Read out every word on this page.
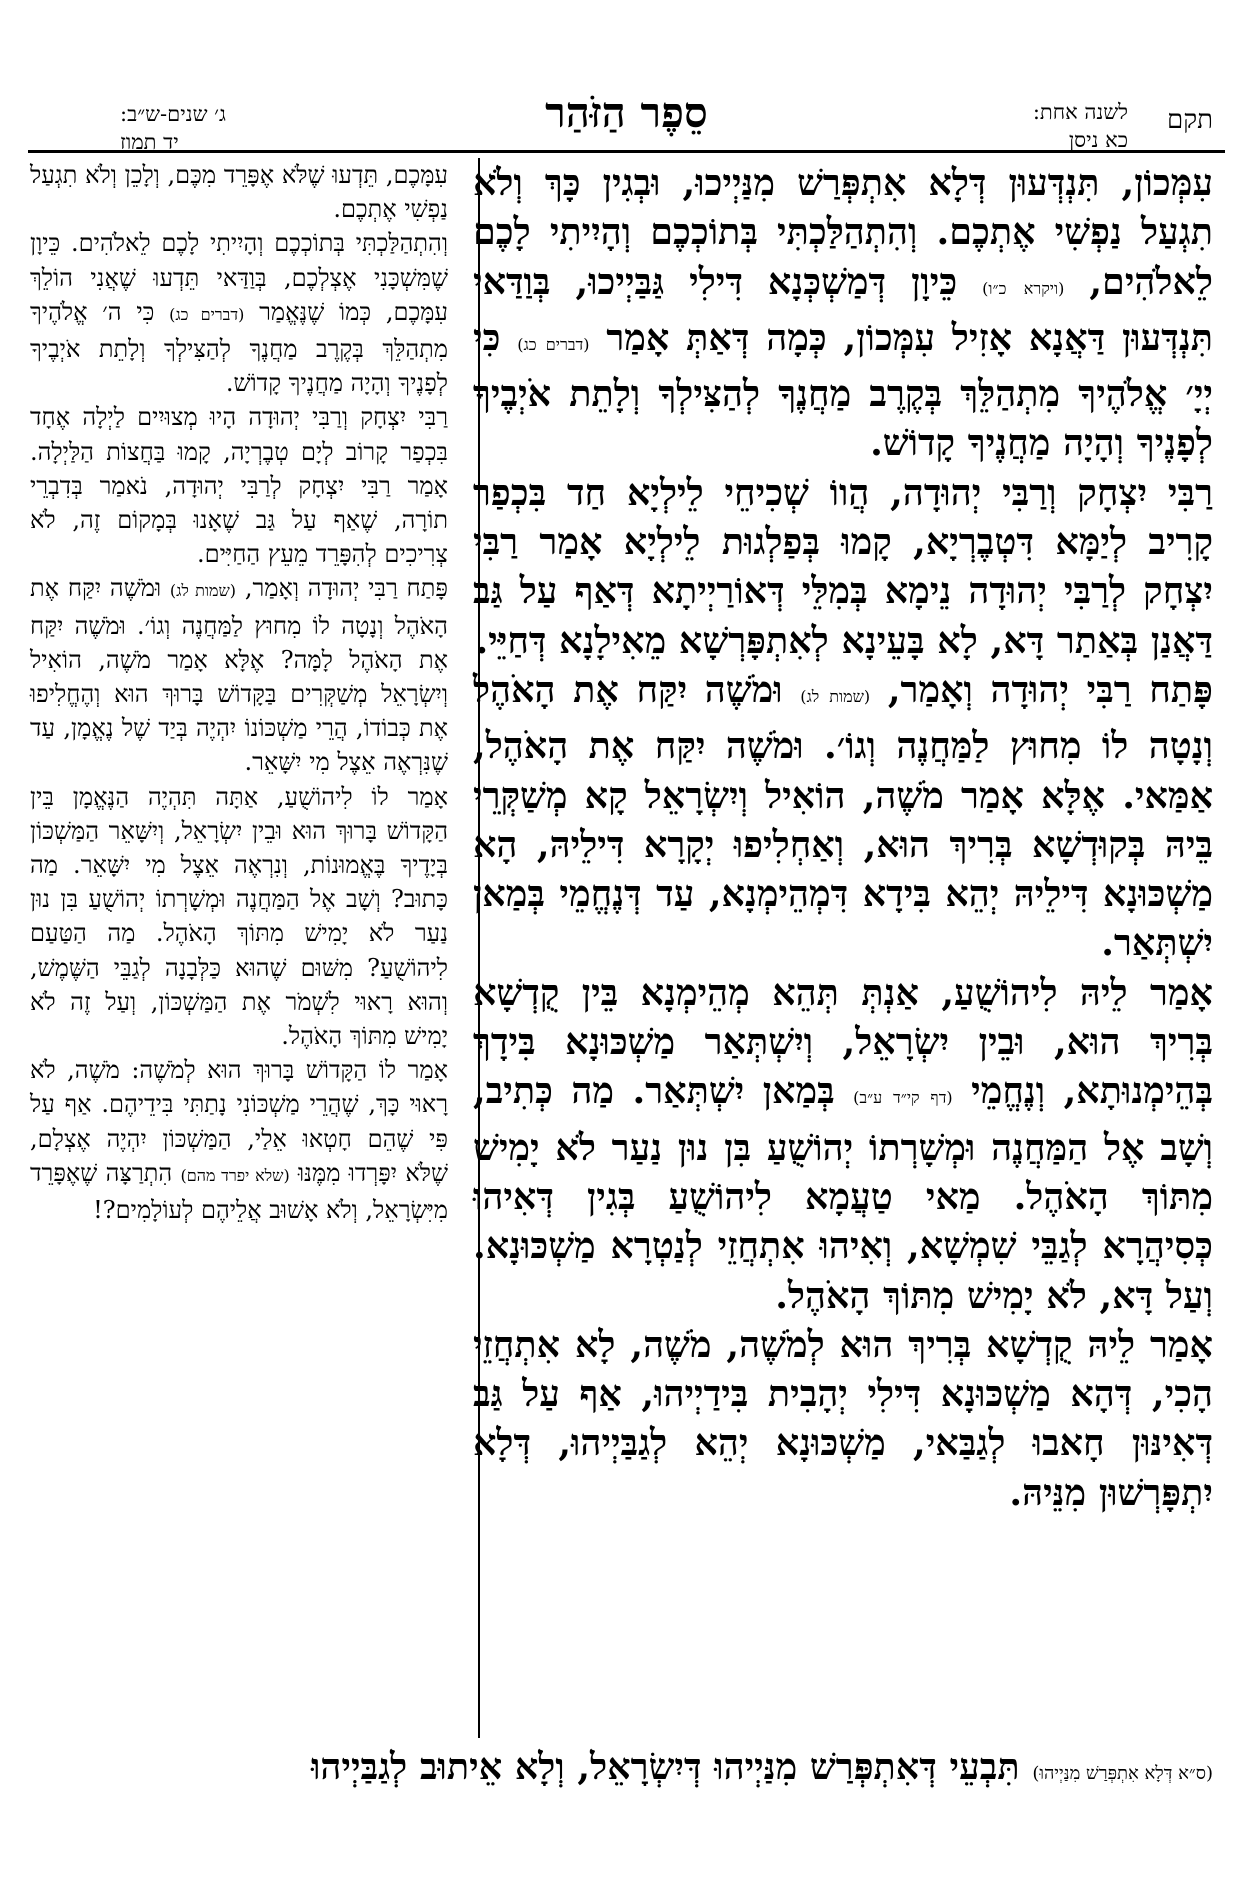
תקם
לשנה אחת:
כא ניסן
סֵפֶר הַזֹּהַר
ג׳ שנים-ש״ב:
יד תמוז

עִמְּכוֹן, תִּנְדְּעוּן דְּלָא אִתְפְּרַשׁ מִנַּיְיכוּ, וּבְגִין כָּךְ וְלֹא תִגְעַל נַפְשִׁי אֶתְכֶם. וְהִתְהַלַּכְתִּי בְּתוֹכְכֶם וְהָיִיתִי לָכֶם לֵאלֹהִים, (ויקרא כ״ו) כֵּיוָן דְּמַשְׁכְּנָא דִּילִי גַּבַּיְיכוּ, בְּוַדַּאי תִּנְדְּעוּן דַּאֲנָא אָזִיל עִמְּכוֹן, כְּמָה דְּאַתְּ אָמַר (דברים כג) כִּי יְיָ׳ אֱלֹהֶיךָ מִתְהַלֵּךְ בְּקֶרֶב מַחֲנֶךָ לְהַצִּילְךָ וְלָתֵת אֹיְבֶיךָ לְפָנֶיךָ וְהָיָה מַחֲנֶיךָ קָדוֹשׁ.

רַבִּי יִצְחָק וְרַבִּי יְהוּדָה, הֲווֹ שְׁכִיחֵי לֵילְיָא חַד בִּכְפַר קָרִיב לְיַמָּא דִּטְבֶרְיָא, קָמוּ בְּפַלְגוּת לֵילְיָא אָמַר רַבִּי יִצְחָק לְרַבִּי יְהוּדָה נֵימָא בְּמִלֵּי דְּאוֹרַיְיתָא דְּאַף עַל גַּב דַּאֲנַן בְּאַתַר דָּא, לָא בָּעֵינָא לְאִתְפָּרְשָׁא מֵאִילָנָא דְּחַיֵּי.

פָּתַח רַבִּי יְהוּדָה וְאָמַר, (שמות לג) וּמֹשֶׁה יִקַּח אֶת הָאֹהֶל וְנָטָה לוֹ מִחוּץ לַמַּחֲנֶה וְגוֹ׳. וּמֹשֶׁה יִקַּח אֶת הָאֹהֶל, אַמַּאי. אֶלָּא אָמַר מֹשֶׁה, הוֹאִיל וְיִשְׂרָאֵל קָא מְשַׁקְּרֵי בֵּיהּ בְּקוּדְשָׁא בְּרִיךְ הוּא, וְאַחְלִיפוּ יְקָרָא דִּילֵיהּ, הָא מַשְׁכּוּנָא דִּילֵיהּ יְהֵא בִּידָא דִּמְהֵימְנָא, עַד דְּנֶחֱמֵי בְּמַאן יִשְׁתְּאַר.

אָמַר לֵיהּ לִיהוֹשֻׁעַ, אַנְתְּ תְּהֵא מְהֵימְנָא בֵּין קֻדְשָׁא בְּרִיךְ הוּא, וּבֵין יִשְׂרָאֵל, וְיִשְׁתְּאַר מַשְׁכּוּנָא בִּידָךְ בְּהֵימְנוּתָא, וְנֶחֱמֵי (דף קי״ד ע״ב) בְּמַאן יִשְׁתְּאַר. מַה כְּתִיב, וְשָׁב אֶל הַמַּחֲנֶה וּמְשָׁרְתוֹ יְהוֹשֻׁעַ בִּן נוּן נַעַר לֹא יָמִישׁ מִתּוֹךְ הָאֹהֶל. מַאי טַעֲמָא לִיהוֹשֻׁעַ בְּגִין דְּאִיהוּ כְּסִיהֲרָא לְגַבֵּי שִׁמְשָׁא, וְאִיהוּ אִתְחֲזֵי לְנַטְרָא מַשְׁכּוּנָא. וְעַל דָּא, לֹא יָמִישׁ מִתּוֹךְ הָאֹהֶל.

אָמַר לֵיהּ קֻדְשָׁא בְּרִיךְ הוּא לְמֹשֶׁה, מֹשֶׁה, לָא אִתְחֲזֵי הָכִי, דְּהָא מַשְׁכּוּנָא דִּילִי יְהָבִית בִּידַיְיהוּ, אַף עַל גַּב דְּאִינּוּן חָאבוּ לְגַבַּאי, מַשְׁכּוּנָא יְהֵא לְגַבַּיְיהוּ, דְּלָא יִתְפָּרְשׁוּן מִנֵּיהּ.

עִמָּכֶם, תֵּדְעוּ שֶׁלֹּא אֶפָּרֵד מִכֶּם, וְלָכֵן וְלֹא תִגְעַל נַפְשִׁי אֶתְכֶם.

וְהִתְהַלַּכְתִּי בְּתוֹכְכֶם וְהָיִיתִי לָכֶם לֵאלֹהִים. כֵּיוָן שֶׁמִּשְׁכָּנִי אֶצְלְכֶם, בְּוַדַּאי תֵּדְעוּ שֶׁאֲנִי הוֹלֵךְ עִמָּכֶם, כְּמוֹ שֶׁנֶּאֱמַר (דברים כג) כִּי ה׳ אֱלֹהֶיךָ מִתְהַלֵּךְ בְּקֶרֶב מַחֲנֶךָ לְהַצִּילְךָ וְלָתֵת אֹיְבֶיךָ לְפָנֶיךָ וְהָיָה מַחֲנֶיךָ קָדוֹשׁ.

רַבִּי יִצְחָק וְרַבִּי יְהוּדָה הָיוּ מְצוּיִים לַיְלָה אֶחָד בִּכְפַר קָרוֹב לְיָם טְבֶרְיָה, קָמוּ בַּחֲצוֹת הַלַּיְלָה. אָמַר רַבִּי יִצְחָק לְרַבִּי יְהוּדָה, נֹאמַר בְּדִבְרֵי תוֹרָה, שֶׁאַף עַל גַּב שֶׁאָנוּ בְּמָקוֹם זֶה, לֹא צְרִיכִים לְהִפָּרֵד מֵעֵץ הַחַיִּים.

פָּתַח רַבִּי יְהוּדָה וְאָמַר, (שמות לג) וּמֹשֶׁה יִקַּח אֶת הָאֹהֶל וְנָטָה לוֹ מִחוּץ לַמַּחֲנֶה וְגוֹ׳. וּמֹשֶׁה יִקַּח אֶת הָאֹהֶל לָמָּה? אֶלָּא אָמַר מֹשֶׁה, הוֹאִיל וְיִשְׂרָאֵל מְשַׁקְּרִים בַּקָּדוֹשׁ בָּרוּךְ הוּא וְהֶחֱלִיפוּ אֶת כְּבוֹדוֹ, הֲרֵי מַשְׁכּוֹנוֹ יִהְיֶה בְּיַד שֶׁל נֶאֱמָן, עַד שֶׁנִּרְאֶה אֵצֶל מִי יִשָּׁאֵר.

אָמַר לוֹ לִיהוֹשֻׁעַ, אַתָּה תִּהְיֶה הַנֶּאֱמָן בֵּין הַקָּדוֹשׁ בָּרוּךְ הוּא וּבֵין יִשְׂרָאֵל, וְיִשָּׁאֵר הַמַּשְׁכּוֹן בְּיָדֶיךָ בֶּאֱמוּנוֹת, וְנִרְאֶה אֵצֶל מִי יִשָּׁאֵר. מַה כָּתוּב? וְשָׁב אֶל הַמַּחֲנֶה וּמְשָׁרְתוֹ יְהוֹשֻׁעַ בִּן נוּן נַעַר לֹא יָמִישׁ מִתּוֹךְ הָאֹהֶל. מַה הַטַּעַם לִיהוֹשֻׁעַ? מִשּׁוּם שֶׁהוּא כַּלְּבָנָה לְגַבֵּי הַשֶּׁמֶשׁ, וְהוּא רָאוּי לִשְׁמֹר אֶת הַמַּשְׁכּוֹן, וְעַל זֶה לֹא יָמִישׁ מִתּוֹךְ הָאֹהֶל.

אָמַר לוֹ הַקָּדוֹשׁ בָּרוּךְ הוּא לְמֹשֶׁה: מֹשֶׁה, לֹא רָאוּי כָּךְ, שֶׁהֲרֵי מַשְׁכּוֹנִי נָתַתִּי בִּידֵיהֶם. אַף עַל פִּי שֶׁהֵם חָטְאוּ אֵלַי, הַמַּשְׁכּוֹן יִהְיֶה אֶצְלָם, שֶׁלֹּא יִפָּרְדוּ מִמֶּנּוּ (שלא יפרד מהם) הִתְרַצָּה שֶׁאֶפָּרֵד מִיִּשְׂרָאֵל, וְלֹא אָשׁוּב אֲלֵיהֶם לְעוֹלָמִים?!

(ס״א דְּלָא אִתְפְּרַשׁ מִנַּיְיהוּ) תִּבְעֵי דְּאִתְפְּרַשׁ מִנַּיְיהוּ דְּיִשְׂרָאֵל, וְלָא אֵיתוּב לְגַבַּיְיהוּ
